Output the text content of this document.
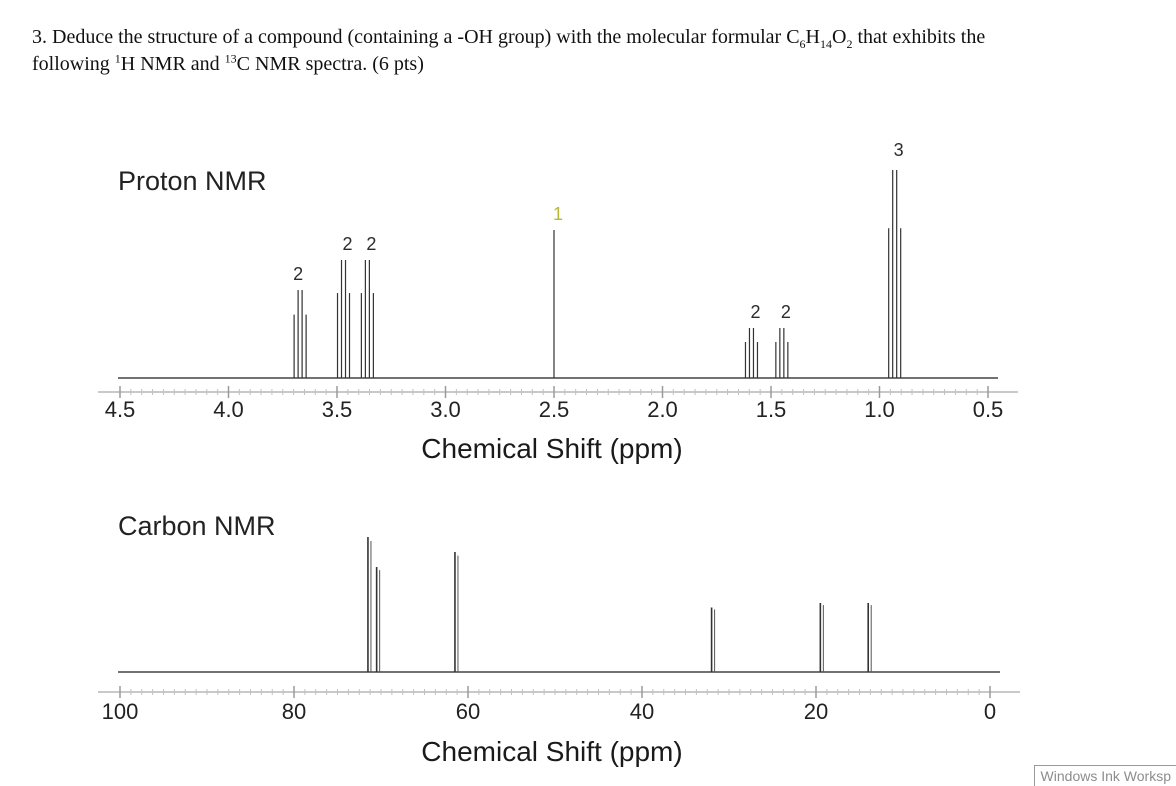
3. Deduce the structure of a compound (containing a -OH group) with the molecular formular $C_6H_{14}O_2$ that exhibits the
following $^1$H NMR and $^{13}$C NMR spectra. (6 pts)
Proton NMR
4.5	4.0	3.5	3.0	2.5	2.0	1.5	1.0	0.5
Chemical Shift (ppm)
2
2 2
1
2 2
3
Carbon NMR
100	80	60	40	20	0
Chemical Shift (ppm)
Windows Ink Worksp
